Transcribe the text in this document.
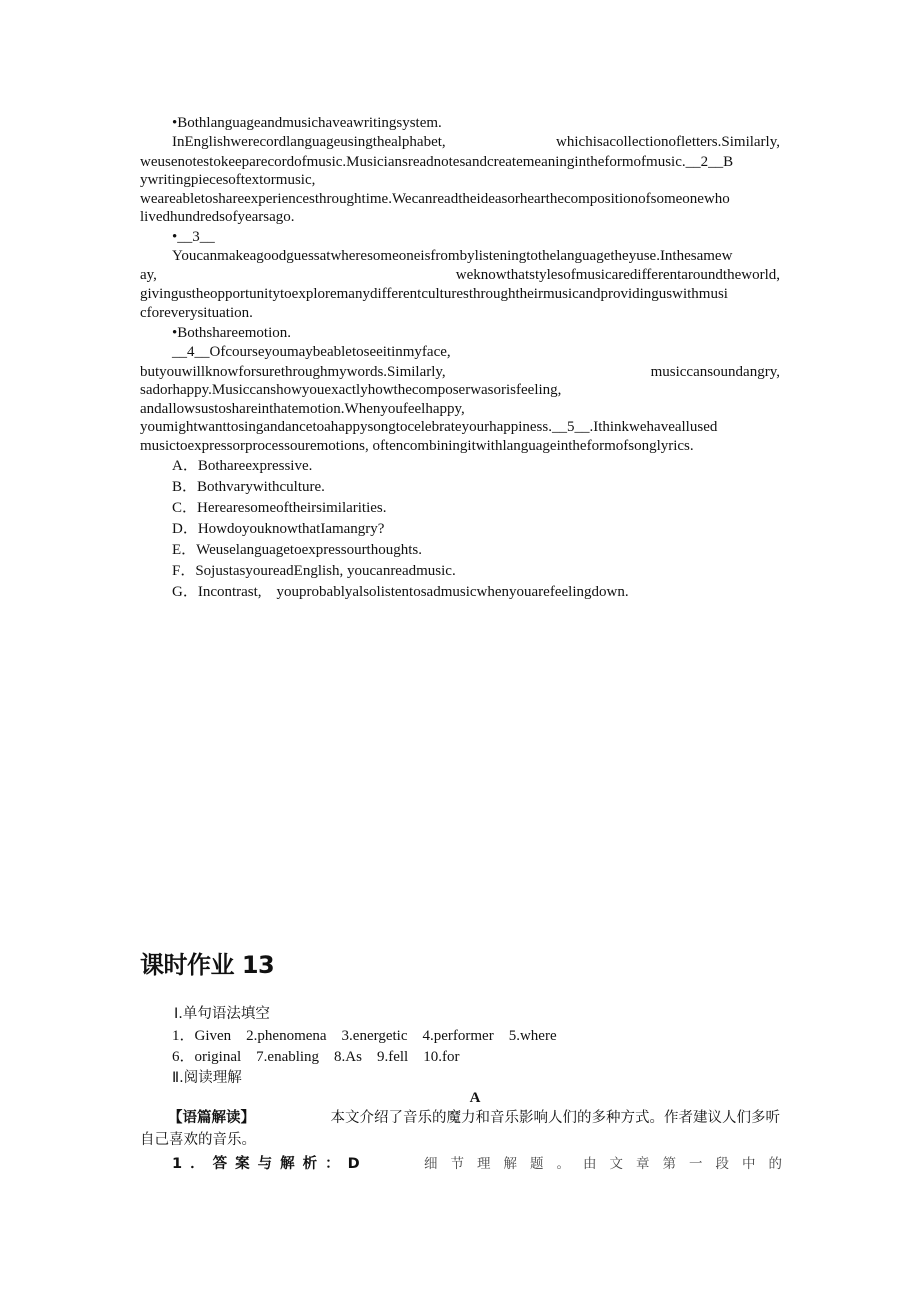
•Bothlanguageandmusichaveawritingsystem.
InEnglishwerecordlanguageusingthealphabet, whichisacollectionofletters.Similarly,
weusenotestokeeparecordofmusic.Musiciansreadnotesandcreatemeaningintheformofmusic.__2__B
ywritingpiecesoftextormusic,
weareabletoshareexperiencesthroughtime.Wecanreadtheideasorhearthecompositionofsomeonewho
livedhundredsofyearsago.
•__3__
Youcanmakeagoodguessatwheresomeoneisfrombylisteningtothelanguagetheyuse.Inthesamew
ay, weknowthatstylesofmusicaredifferentaroundtheworld,
givingustheopportunitytoexploremanydifferentculturesthroughtheirmusicandprovidinguswithmusi
cforeverysituation.
•Bothshareemotion.
__4__Ofcourseyoumaybeabletoseeitinmyface,
butyouwillknowforsurethroughmywords.Similarly, musiccansoundangry,
sadorhappy.Musiccanshowyouexactlyhowthecomposerwasorisfeeling,
andallowsustoshareinthatemotion.Whenyoufeelhappy,
youmightwanttosingandancetoahappysongtocelebrateyourhappiness.__5__.Ithinkwehaveallused
musictoexpressorprocessouremotions, oftencombiningitwithlanguageintheformofsonglyrics.
A．Bothareexpressive.
B．Bothvarywithculture.
C．Herearesomeoftheirsimilarities.
D．HowdoyouknowthatIamangry?
E．Weuselanguagetoexpressourthoughts.
F．SojustasyoureadEnglish, youcanreadmusic.
G．Incontrast,　youprobablyalsolistentosadmusicwhenyouarefeelingdown.
课时作业 13
Ⅰ.单句语法填空
1．Given　2.phenomena　3.energetic　4.performer　5.where
6．original　7.enabling　8.As　9.fell　10.for
Ⅱ.阅读理解
A
【语篇解读】	本文介绍了音乐的魔力和音乐影响人们的多种方式。作者建议人们多听
自己喜欢的音乐。
1．答案与解析：D	细节理解题。由文章第一段中的
